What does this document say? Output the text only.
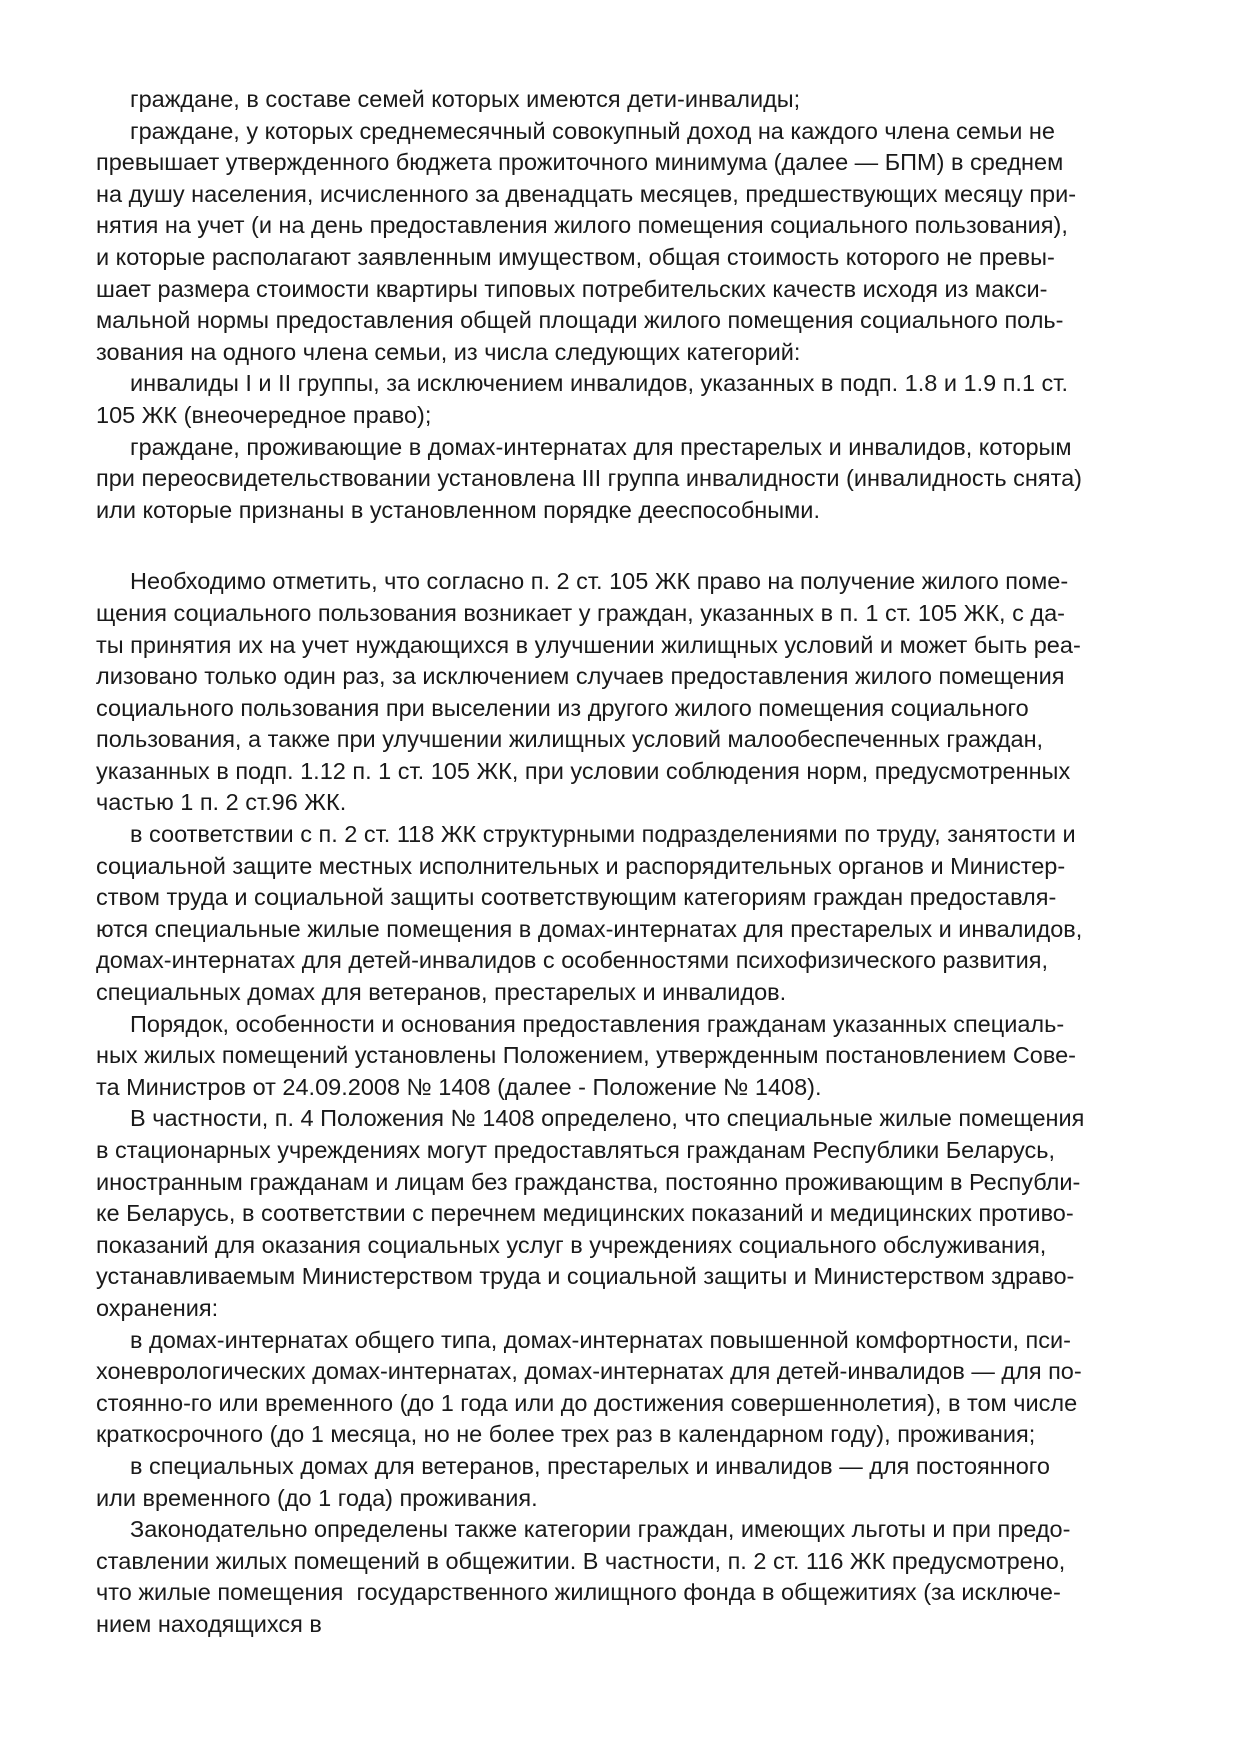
граждане, в составе семей которых имеются дети-инвалиды;
граждане, у которых среднемесячный совокупный доход на каждого члена семьи не
превышает утвержденного бюджета прожиточного минимума (далее — БПМ) в среднем
на душу населения, исчисленного за двенадцать месяцев, предшествующих месяцу при-
нятия на учет (и на день предоставления жилого помещения социального пользования),
и которые располагают заявленным имуществом, общая стоимость которого не превы-
шает размера стоимости квартиры типовых потребительских качеств исходя из макси-
мальной нормы предоставления общей площади жилого помещения социального поль-
зования на одного члена семьи, из числа следующих категорий:
инвалиды I и II группы, за исключением инвалидов, указанных в подп. 1.8 и 1.9 п.1 ст.
105 ЖК (внеочередное право);
граждане, проживающие в домах-интернатах для престарелых и инвалидов, которым
при переосвидетельствовании установлена III группа инвалидности (инвалидность снята)
или которые признаны в установленном порядке дееспособными.
Необходимо отметить, что согласно п. 2 ст. 105 ЖК право на получение жилого поме-
щения социального пользования возникает у граждан, указанных в п. 1 ст. 105 ЖК, с да-
ты принятия их на учет нуждающихся в улучшении жилищных условий и может быть реа-
лизовано только один раз, за исключением случаев предоставления жилого помещения
социального пользования при выселении из другого жилого помещения социального
пользования, а также при улучшении жилищных условий малообеспеченных граждан,
указанных в подп. 1.12 п. 1 ст. 105 ЖК, при условии соблюдения норм, предусмотренных
частью 1 п. 2 ст.96 ЖК.
в соответствии с п. 2 ст. 118 ЖК структурными подразделениями по труду, занятости и
социальной защите местных исполнительных и распорядительных органов и Министер-
ством труда и социальной защиты соответствующим категориям граждан предоставля-
ются специальные жилые помещения в домах-интернатах для престарелых и инвалидов,
домах-интернатах для детей-инвалидов с особенностями психофизического развития,
специальных домах для ветеранов, престарелых и инвалидов.
Порядок, особенности и основания предоставления гражданам указанных специаль-
ных жилых помещений установлены Положением, утвержденным постановлением Сове-
та Министров от 24.09.2008 № 1408 (далее - Положение № 1408).
В частности, п. 4 Положения № 1408 определено, что специальные жилые помещения
в стационарных учреждениях могут предоставляться гражданам Республики Беларусь,
иностранным гражданам и лицам без гражданства, постоянно проживающим в Республи-
ке Беларусь, в соответствии с перечнем медицинских показаний и медицинских противо-
показаний для оказания социальных услуг в учреждениях социального обслуживания,
устанавливаемым Министерством труда и социальной защиты и Министерством здраво-
охранения:
в домах-интернатах общего типа, домах-интернатах повышенной комфортности, пси-
хоневрологических домах-интернатах, домах-интернатах для детей-инвалидов — для по-
стоянно-го или временного (до 1 года или до достижения совершеннолетия), в том числе
краткосрочного (до 1 месяца, но не более трех раз в календарном году), проживания;
в специальных домах для ветеранов, престарелых и инвалидов — для постоянного
или временного (до 1 года) проживания.
Законодательно определены также категории граждан, имеющих льготы и при предо-
ставлении жилых помещений в общежитии. В частности, п. 2 ст. 116 ЖК предусмотрено,
что жилые помещения  государственного жилищного фонда в общежитиях (за исключе-
нием находящихся в
